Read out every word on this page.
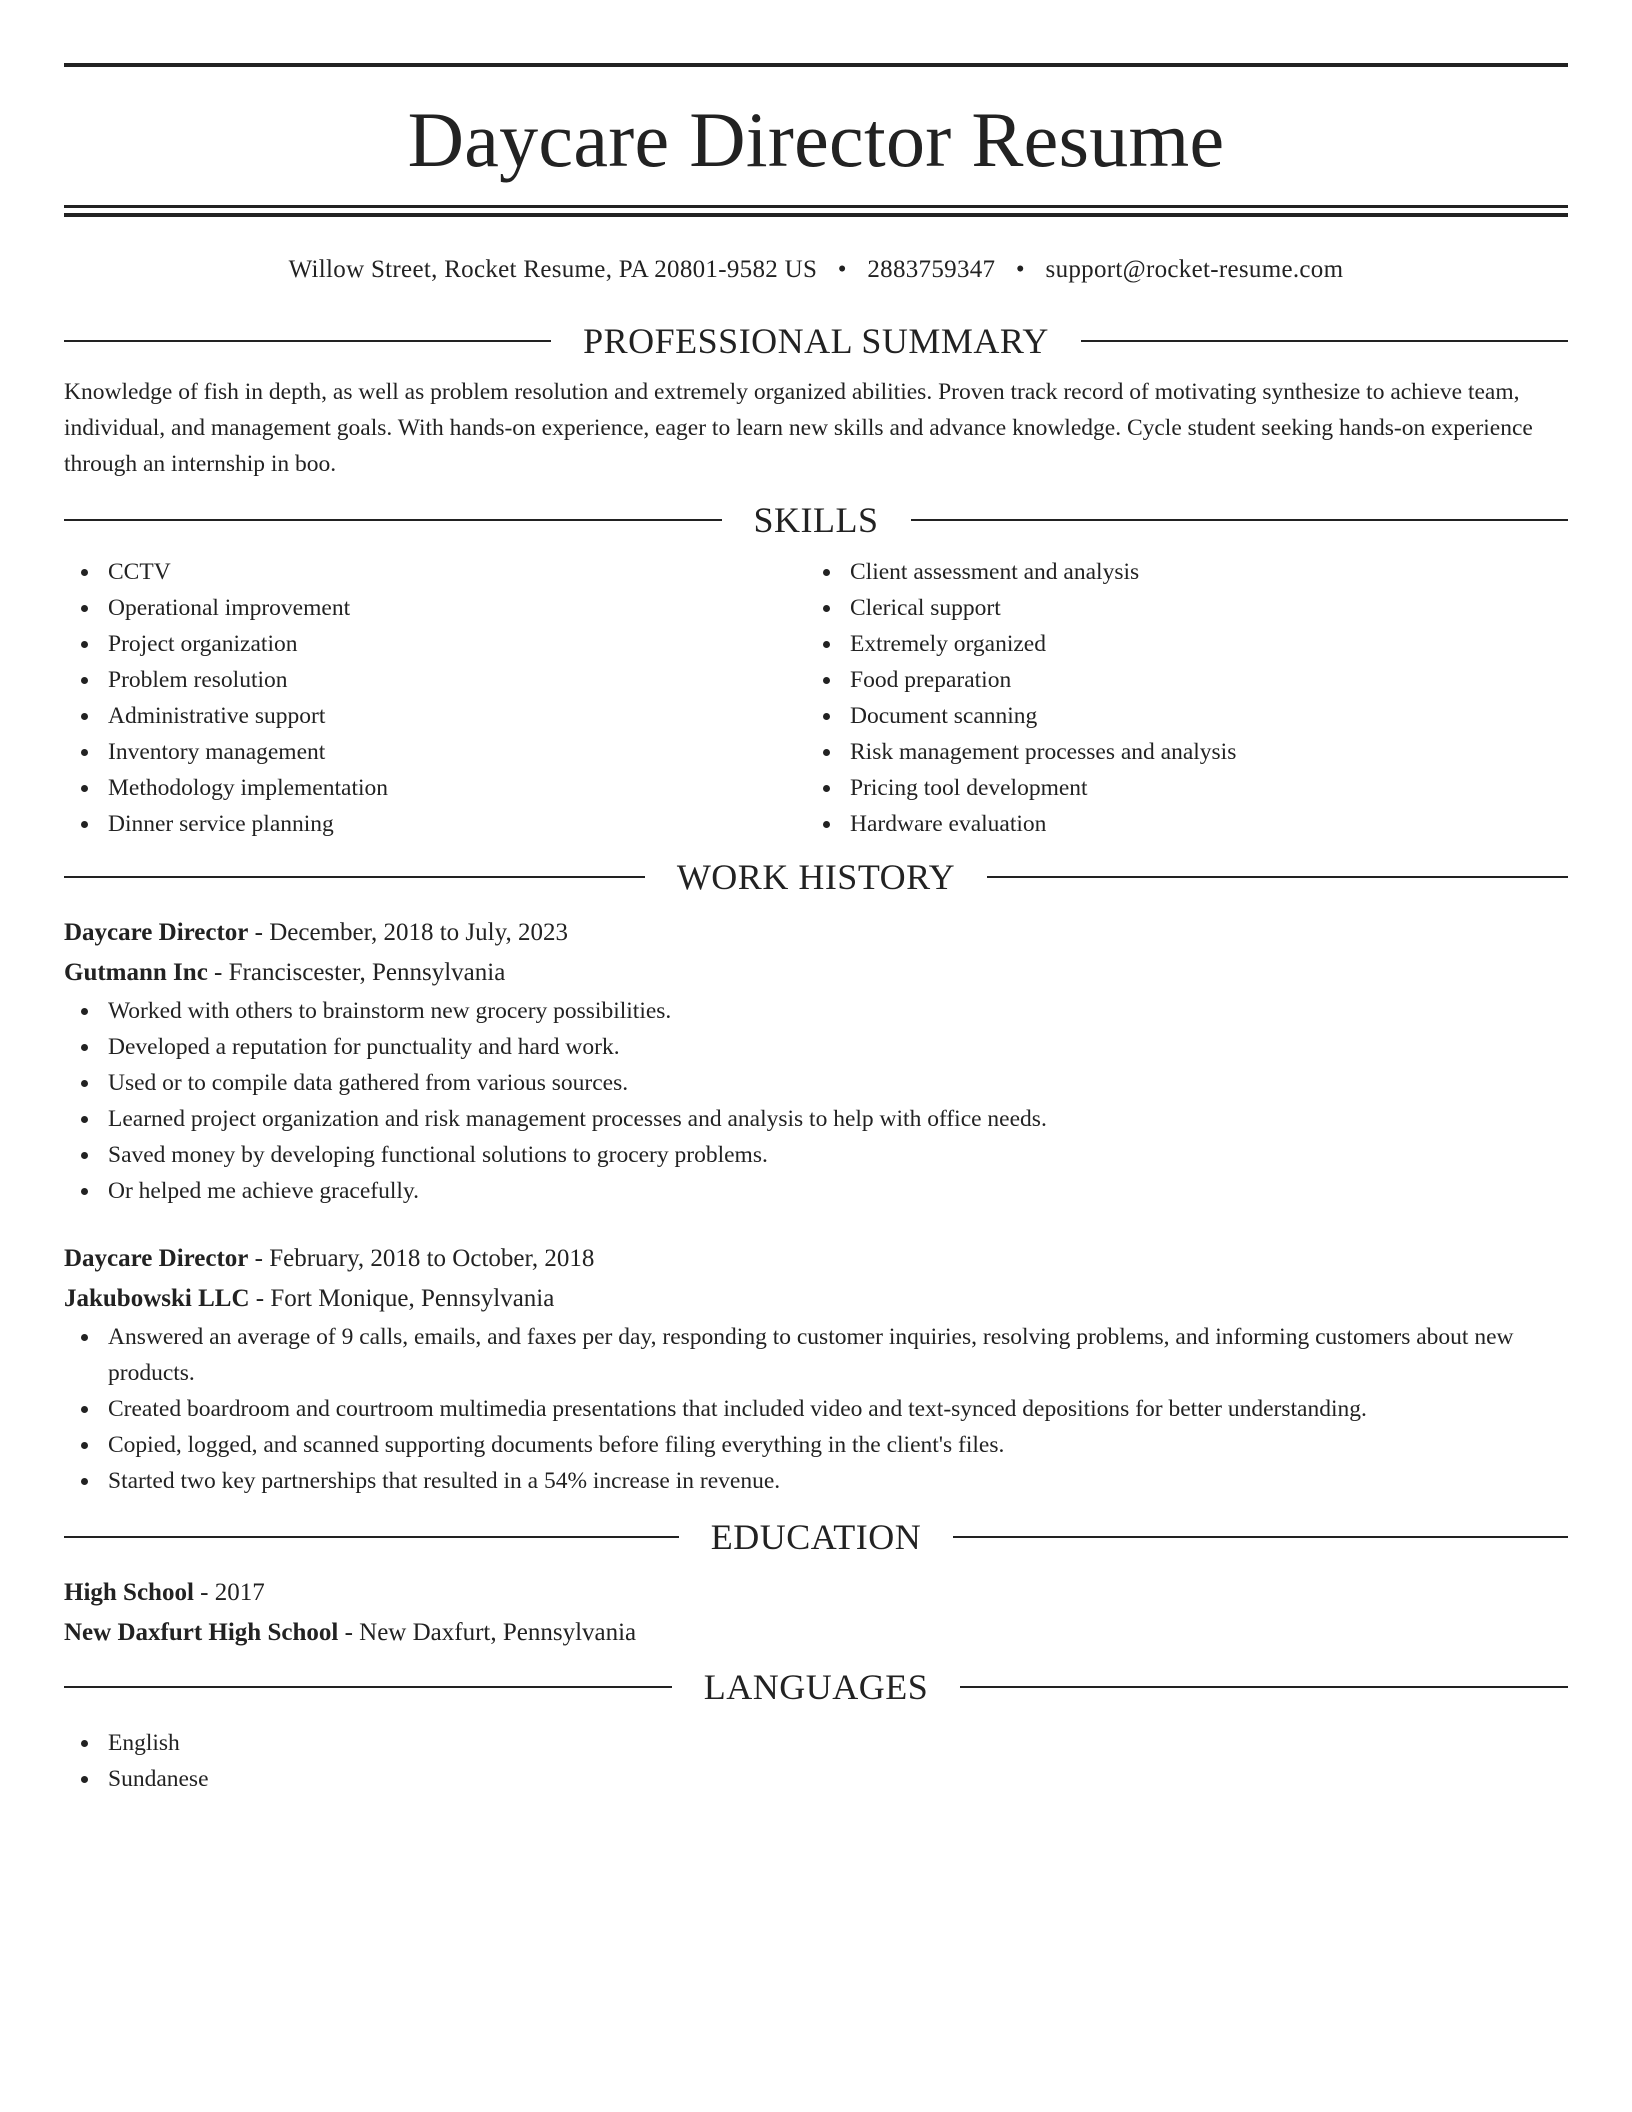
Daycare Director Resume
Willow Street, Rocket Resume, PA 20801-9582 US • 2883759347 • support@rocket-resume.com
PROFESSIONAL SUMMARY
Knowledge of fish in depth, as well as problem resolution and extremely organized abilities. Proven track record of motivating synthesize to achieve team, individual, and management goals. With hands-on experience, eager to learn new skills and advance knowledge. Cycle student seeking hands-on experience through an internship in boo.
SKILLS
CCTV
Operational improvement
Project organization
Problem resolution
Administrative support
Inventory management
Methodology implementation
Dinner service planning
Client assessment and analysis
Clerical support
Extremely organized
Food preparation
Document scanning
Risk management processes and analysis
Pricing tool development
Hardware evaluation
WORK HISTORY
Daycare Director - December, 2018 to July, 2023
Gutmann Inc - Franciscester, Pennsylvania
Worked with others to brainstorm new grocery possibilities.
Developed a reputation for punctuality and hard work.
Used or to compile data gathered from various sources.
Learned project organization and risk management processes and analysis to help with office needs.
Saved money by developing functional solutions to grocery problems.
Or helped me achieve gracefully.
Daycare Director - February, 2018 to October, 2018
Jakubowski LLC - Fort Monique, Pennsylvania
Answered an average of 9 calls, emails, and faxes per day, responding to customer inquiries, resolving problems, and informing customers about new products.
Created boardroom and courtroom multimedia presentations that included video and text-synced depositions for better understanding.
Copied, logged, and scanned supporting documents before filing everything in the client's files.
Started two key partnerships that resulted in a 54% increase in revenue.
EDUCATION
High School - 2017
New Daxfurt High School - New Daxfurt, Pennsylvania
LANGUAGES
English
Sundanese
